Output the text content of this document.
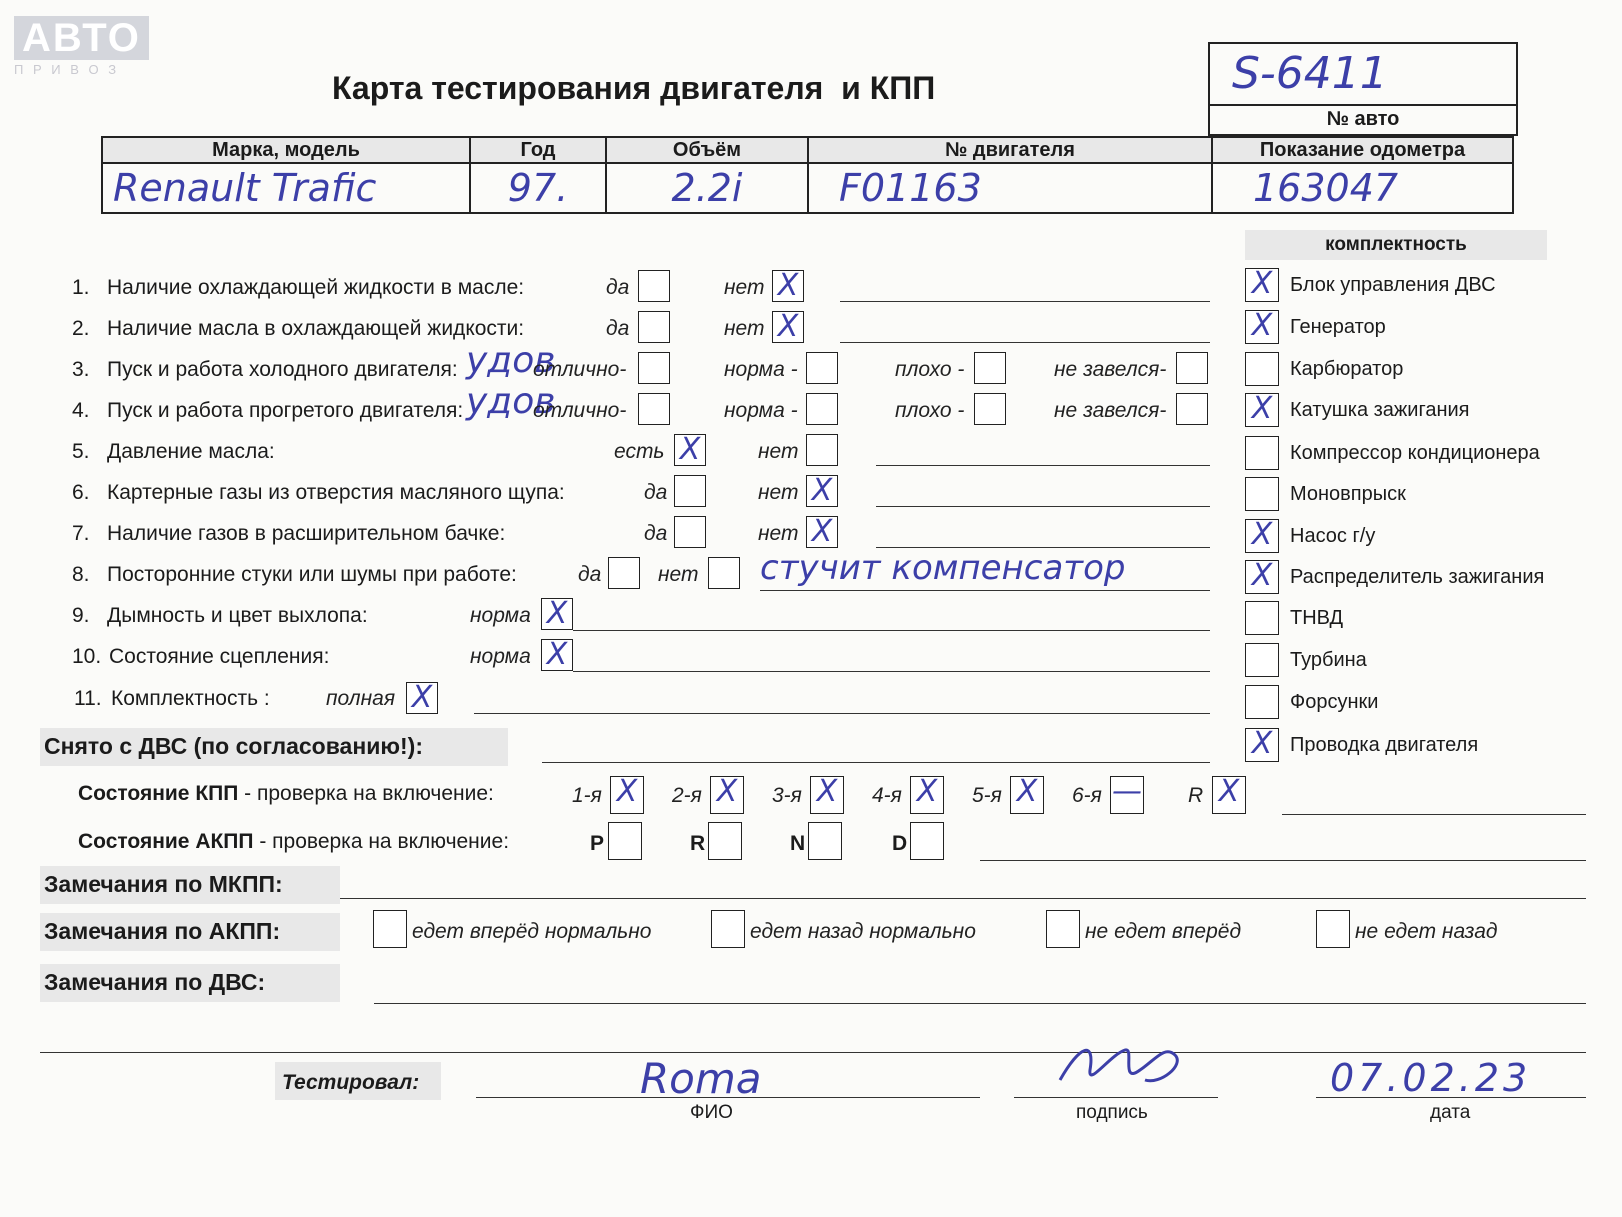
АВТО
П Р И В О З
Карта тестирования двигателя  и КПП	S-6411
№ авто
Марка, модель	Год	Объём	№ двигателя	Показание одометра
Renault Trafic	97.	2.2i	F01163	163047
комплектность
X Блок управления ДВС
X Генератор
Карбюратор
X Катушка зажигания
Компрессор кондиционера
Моновпрыск
X Насос г/у
X Распределитель зажигания
ТНВД
Турбина
Форсунки
X Проводка двигателя
1. Наличие охлаждающей жидкости в масле:	да	нет X
2. Наличие масла в охлаждающей жидкости:	да	нет X
3. Пуск и работа холодного двигателя: удов
отлично-	норма -	плохо -	не завелся-
4. Пуск и работа прогретого двигателя: удов
отлично-	норма -	плохо -	не завелся-
5. Давление масла:	есть X	нет
6. Картерные газы из отверстия масляного щупа:	да	нет X
7. Наличие газов в расширительном бачке:	да	нет X
8. Посторонние стуки или шумы при работе:	да	нет стучит компенсатор
9. Дымность и цвет выхлопа:	норма X
10. Состояние сцепления:	норма X
11. Комплектность :	полная X
Снято с ДВС (по согласованию!):
Состояние КПП - проверка на включение:	1-я X 2-я X 3-я X 4-я X 5-я X 6-я — R X
Состояние АКПП - проверка на включение:	P	R	N	D
Замечания по МКПП:
Замечания по АКПП:	едет вперёд нормально	едет назад нормально	не едет вперёд	не едет назад
Замечания по ДВС:
Тестировал:	Roma
ФИО	подпись
07.02.23
дата
